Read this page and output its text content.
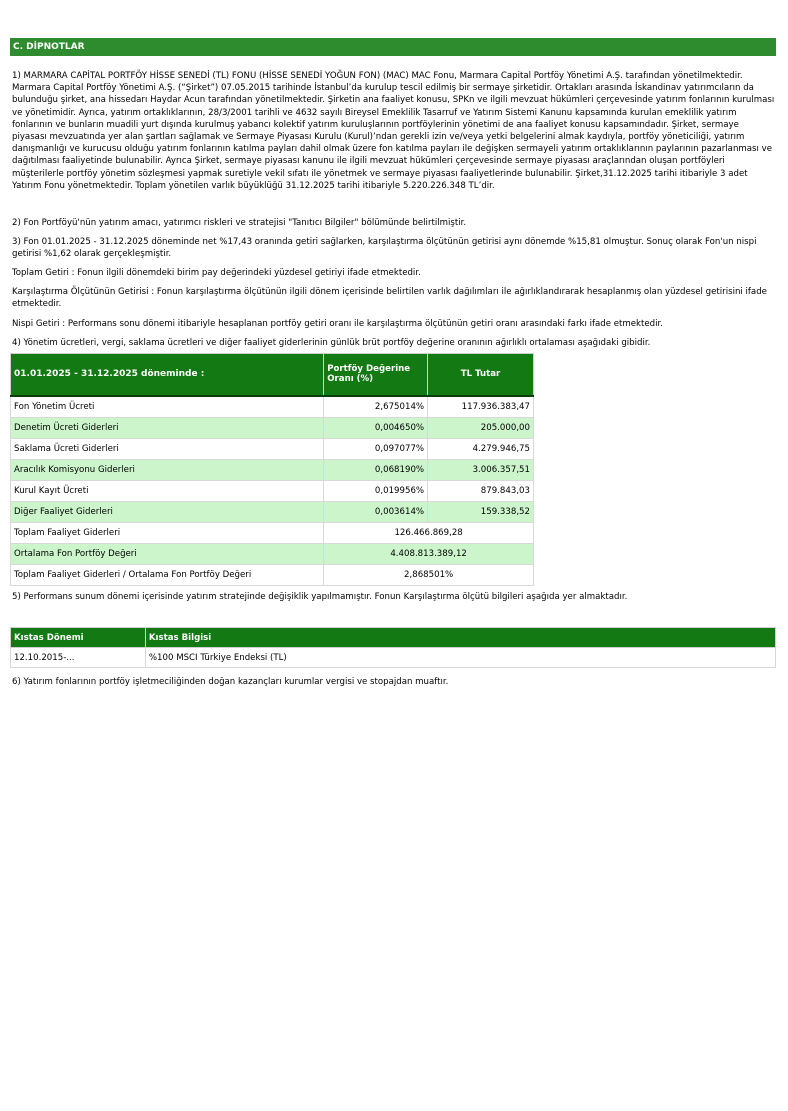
C. DİPNOTLAR

1) MARMARA CAPİTAL PORTFÖY HİSSE SENEDİ (TL) FONU (HİSSE SENEDİ YOĞUN FON) (MAC) MAC Fonu, Marmara Capital Portföy Yönetimi A.Ş. tarafından yönetilmektedir. Marmara Capital Portföy Yönetimi A.Ş. (“Şirket”) 07.05.2015 tarihinde İstanbul’da kurulup tescil edilmiş bir sermaye şirketidir. Ortakları arasında İskandinav yatırımcıların da bulunduğu şirket, ana hissedarı Haydar Acun tarafından yönetilmektedir. Şirketin ana faaliyet konusu, SPKn ve ilgili mevzuat hükümleri çerçevesinde yatırım fonlarının kurulması ve yönetimidir. Ayrıca, yatırım ortaklıklarının, 28/3/2001 tarihli ve 4632 sayılı Bireysel Emeklilik Tasarruf ve Yatırım Sistemi Kanunu kapsamında kurulan emeklilik yatırım fonlarının ve bunların muadili yurt dışında kurulmuş yabancı kolektif yatırım kuruluşlarının portföylerinin yönetimi de ana faaliyet konusu kapsamındadır. Şirket, sermaye piyasası mevzuatında yer alan şartları sağlamak ve Sermaye Piyasası Kurulu (Kurul)’ndan gerekli izin ve/veya yetki belgelerini almak kaydıyla, portföy yöneticiliği, yatırım danışmanlığı ve kurucusu olduğu yatırım fonlarının katılma payları dahil olmak üzere fon katılma payları ile değişken sermayeli yatırım ortaklıklarının paylarının pazarlanması ve dağıtılması faaliyetinde bulunabilir. Ayrıca Şirket, sermaye piyasası kanunu ile ilgili mevzuat hükümleri çerçevesinde sermaye piyasası araçlarından oluşan portföyleri müşterilerle portföy yönetim sözleşmesi yapmak suretiyle vekil sıfatı ile yönetmek ve sermaye piyasası faaliyetlerinde bulunabilir. Şirket,31.12.2025 tarihi itibariyle 3 adet Yatırım Fonu yönetmektedir. Toplam yönetilen varlık büyüklüğü 31.12.2025 tarihi itibariyle 5.220.226.348 TL’dir.

2) Fon Portföyü'nün yatırım amacı, yatırımcı riskleri ve stratejisi "Tanıtıcı Bilgiler" bölümünde belirtilmiştir.

3) Fon 01.01.2025 - 31.12.2025 döneminde net %17,43 oranında getiri sağlarken, karşılaştırma ölçütünün getirisi aynı dönemde %15,81 olmuştur. Sonuç olarak Fon'un nispi getirisi %1,62 olarak gerçekleşmiştir.

Toplam Getiri : Fonun ilgili dönemdeki birim pay değerindeki yüzdesel getiriyi ifade etmektedir.

Karşılaştırma Ölçütünün Getirisi : Fonun karşılaştırma ölçütünün ilgili dönem içerisinde belirtilen varlık dağılımları ile ağırlıklandırarak hesaplanmış olan yüzdesel getirisini ifade etmektedir.

Nispi Getiri : Performans sonu dönemi itibariyle hesaplanan portföy getiri oranı ile karşılaştırma ölçütünün getiri oranı arasındaki farkı ifade etmektedir.

4) Yönetim ücretleri, vergi, saklama ücretleri ve diğer faaliyet giderlerinin günlük brüt portföy değerine oranının ağırlıklı ortalaması aşağıdaki gibidir.

01.01.2025 - 31.12.2025 döneminde :	Portföy Değerine Oranı (%)	TL Tutar
Fon Yönetim Ücreti	2,675014%	117.936.383,47
Denetim Ücreti Giderleri	0,004650%	205.000,00
Saklama Ücreti Giderleri	0,097077%	4.279.946,75
Aracılık Komisyonu Giderleri	0,068190%	3.006.357,51
Kurul Kayıt Ücreti	0,019956%	879.843,03
Diğer Faaliyet Giderleri	0,003614%	159.338,52
Toplam Faaliyet Giderleri	126.466.869,28	
Ortalama Fon Portföy Değeri	4.408.813.389,12	
Toplam Faaliyet Giderleri / Ortalama Fon Portföy Değeri	2,868501%	

5) Performans sunum dönemi içerisinde yatırım stratejinde değişiklik yapılmamıştır. Fonun Karşılaştırma ölçütü bilgileri aşağıda yer almaktadır.

Kıstas Dönemi	Kıstas Bilgisi
12.10.2015-...	%100 MSCI Türkiye Endeksi (TL)

6) Yatırım fonlarının portföy işletmeciliğinden doğan kazançları kurumlar vergisi ve stopajdan muaftır.
